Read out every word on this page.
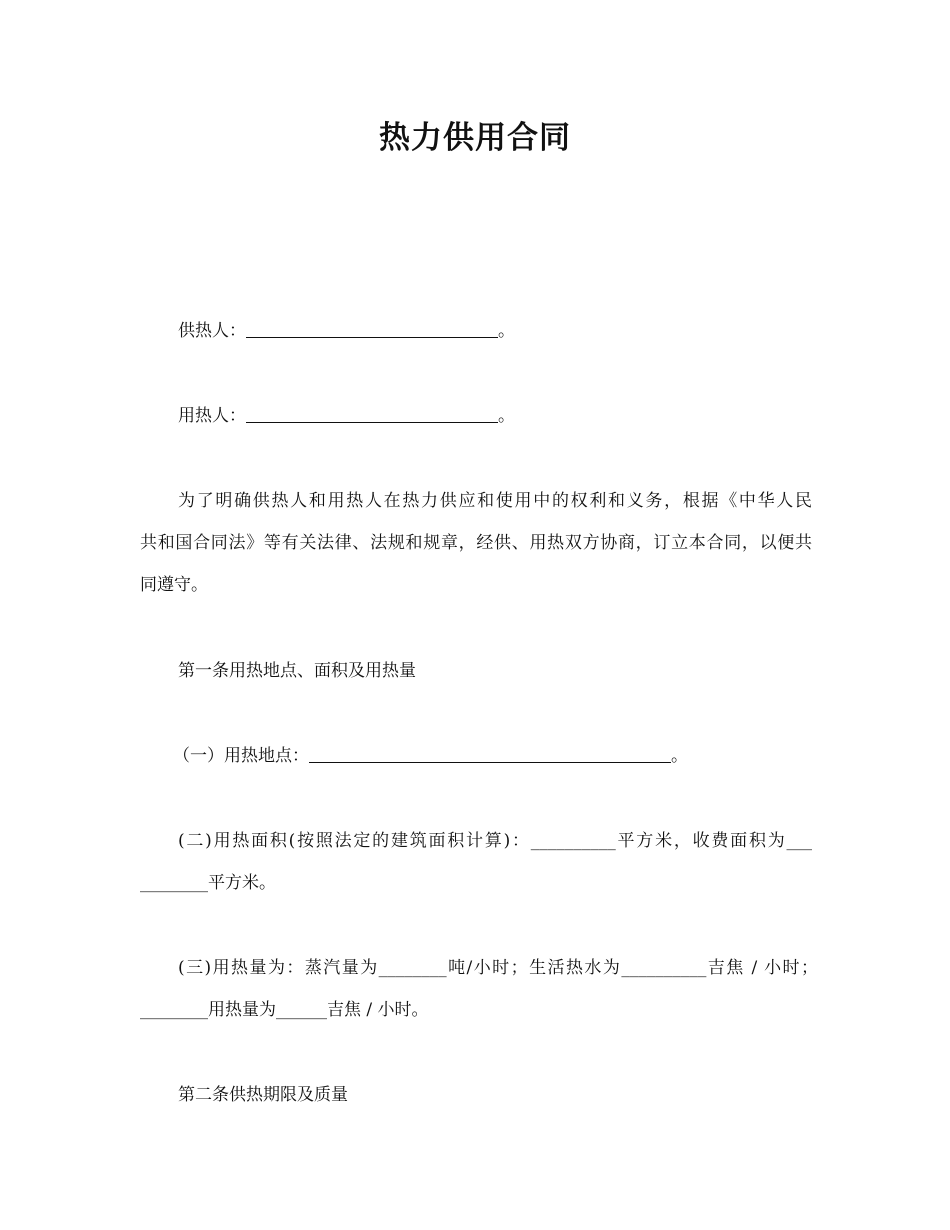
热力供用合同
供热人：	。
用热人：	。
为了明确供热人和用热人在热力供应和使用中的权利和义务，根据《中华人民
共和国合同法》等有关法律、法规和规章，经供、用热双方协商，订立本合同，以便共
同遵守。
第一条用热地点、面积及用热量
（一）用热地点：	。
(二)用热面积(按照法定的建筑面积计算)：__________平方米，收费面积为___
________平方米。
(三)用热量为：蒸汽量为________吨/小时；生活热水为__________吉焦 / 小时；
________用热量为______吉焦 / 小时。
第二条供热期限及质量
